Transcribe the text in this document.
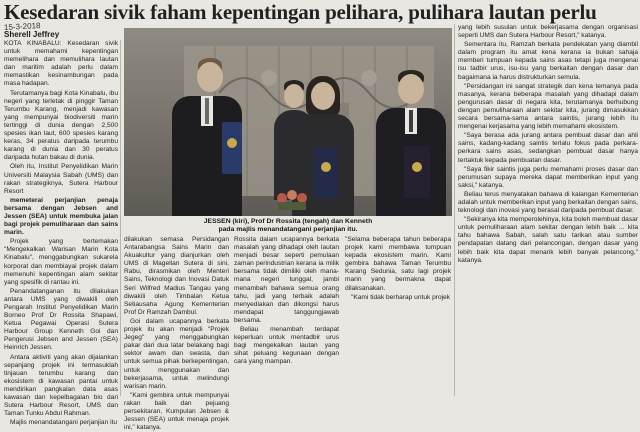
Kesedaran sivik faham kepentingan pelihara, pulihara lautan perlu
15-3-2018
Sherell Jeffrey

KOTA KINABALU: Kesedaran sivik untuk memahami kepentingan memelihara dan memulihara lautan dan maritim adalah perlu dalam memastikan kesinambungan pada masa hadapan.

Terutamanya bagi Kota Kinabalu, ibu negeri yang terletak di pinggir Taman Terumbu Karang, menjadi kawasan yang mempunyai biodiversiti marin tertinggi di dunia dengan 2,500 spesies ikan laut, 600 spesies karang keras, 34 peratus daripada terumbu karang di dunia dan 30 peratus daripada hutan bakau di dunia.

Oleh itu, Institut Penyelidikan Marin Universiti Malaysia Sabah (UMS) dan rakan strategiknya, Sutera Harbour Resort

memeterai perjanjian penaja bersama dengan Jebsen and Jessen (SEA) untuk membuka jalan bagi projek pemuliharaan dan sains marin.

Projek yang bertemakan "Mengekalkan Warisan Marin Kota Kinabalu", menggabungkan sukarela korporat dan membiayai projek dalam memenuhi kepentingan alam sekitar yang spesifik di rantau ini.

Penandatanganan itu dilakukan antara UMS yang diwakili oleh Pengarah Institut Penyelidikan Marin Borneo Prof Dr Rossita Shapawi, Ketua Pegawai Operasi Sutera Harbour Group Kenneth Goi dan Pengerusi Jebsen and Jessen (SEA) Heinrich Jessen.

Antara aktiviti yang akan dijalankan sepanjang projek ini termasuklah tinjauan terumbu karang dan ekosistem di kawasan pantai untuk mendirikan pangkalan data asas kawasan dan kepelbagaian bio dari Sutera Harbour Resort, UMS dan Taman Tunku Abdul Rahman.

Majlis menandatangani perjanjian itu

JESSEN (kiri), Prof Dr Rossita (tengah) dan Kenneth
pada majlis menandatangani perjanjian itu.

dilakukan semasa Persidangan Antarabangsa Sains Marin dan Akuakultur yang dianjurkan oleh UMS di Magellan Sutera di sini, Rabu, dirasmikan oleh Menteri Sains, Teknologi dan Inovasi Datuk Seri Wilfred Madius Tangau yang diwakili oleh Timbalan Ketua Setiausaha Agung Kementerian Prof Dr Ramzah Dambul.

Goi dalam ucapannya berkata projek itu akan menjadi "Projek Jegeg" yang menggabungkan pakar dari dua latar belakang bagi sektor awam dan swasta, dan untuk semua pihak berkepentingan, untuk menggunakan dan bekerjasama, untuk melindungi warisan marin.

"Kami gembira untuk mempunyai rakan baik dan pejuang persekitaran, Kumpulan Jebsen & Jessen (SEA) untuk menaja projek ini," katanya.

Rossita dalam ucapannya berkata masalah yang dihadapi oleh lautan menjadi besar seperti pemulaan zaman perindustrian kerana ia milik bersama tidak dimiliki oleh mana-mana negeri tunggal, jambi menambah bahawa semua orang tahu, jadi yang terbaik adalah menyediakan dan dikongsi harus mendapat tanggungjawab bersama.

Beliau menambah terdapat keperluan untuk mentadbir urus bagi mengekalkan lautan yang sihat peluang kegunaan dengan cara yang mampan.

"Selama beberapa tahun beberapa projek kami membawa tumpuan kepada ekosistem marin. Kami gembira bahawa Taman Terumbu Karang Sedunia, satu lagi projek marin yang bermakna dapat dilaksanakan.

"Kami tidak berharap untuk projek

yang lebih susulan untuk bekerjasama dengan organisasi seperti UMS dan Sutera Harbour Resort," katanya.

Sementara itu, Ramzah berkata pendekatan yang diambil dalam program itu amat kena kerana ia bukan sahaja memberi tumpuan kepada sains asas tetapi juga mengenai isu tadbir urus, isu-isu yang berkaitan dengan dasar dan bagaimana ia harus distrukturkan semula.

"Persidangan ini sangat strategik dan kena temanya pada masanya, kerana beberapa masalah yang dihadapi dalam pengurusan dasar di negara kita, terutamanya berhubung dengan pemuliharaan alam sekitar kita, jurang dimasukkan secara bersama-sama antara saintis, jurang lebih itu mengenai kerjasama yang lebih memahami ekosistem.

"Saya berasa ada jurang antara pembuat dasar dan ahli sains, kadang-kadang saintis terlalu fokus pada perkara-perkara sains asas, sedangkan pembuat dasar hanya tertaktuk kepada pembuatan dasar.

"Saya fikir saintis juga perlu memahami proses dasar dan perumusan supaya mereka dapat memberikan input yang saksi," katanya.

Beliau terus menyatakan bahawa di kalangan Kementerian adalah untuk memberikan input yang berkaitan dengan sains, teknologi dan inovasi yang berasal daripada pembuat dasar.

"Sekiranya kita memperolehinya, kita boleh membuat dasar untuk pemuliharaan alam sekitar dengan lebih baik ... kita tahu bahawa Sabah, salah satu tarikan atau sumber pendapatan datang dari pelancongan, dengan dasar yang lebih baik kita dapat menarik lebih banyak pelancong," katanya.
